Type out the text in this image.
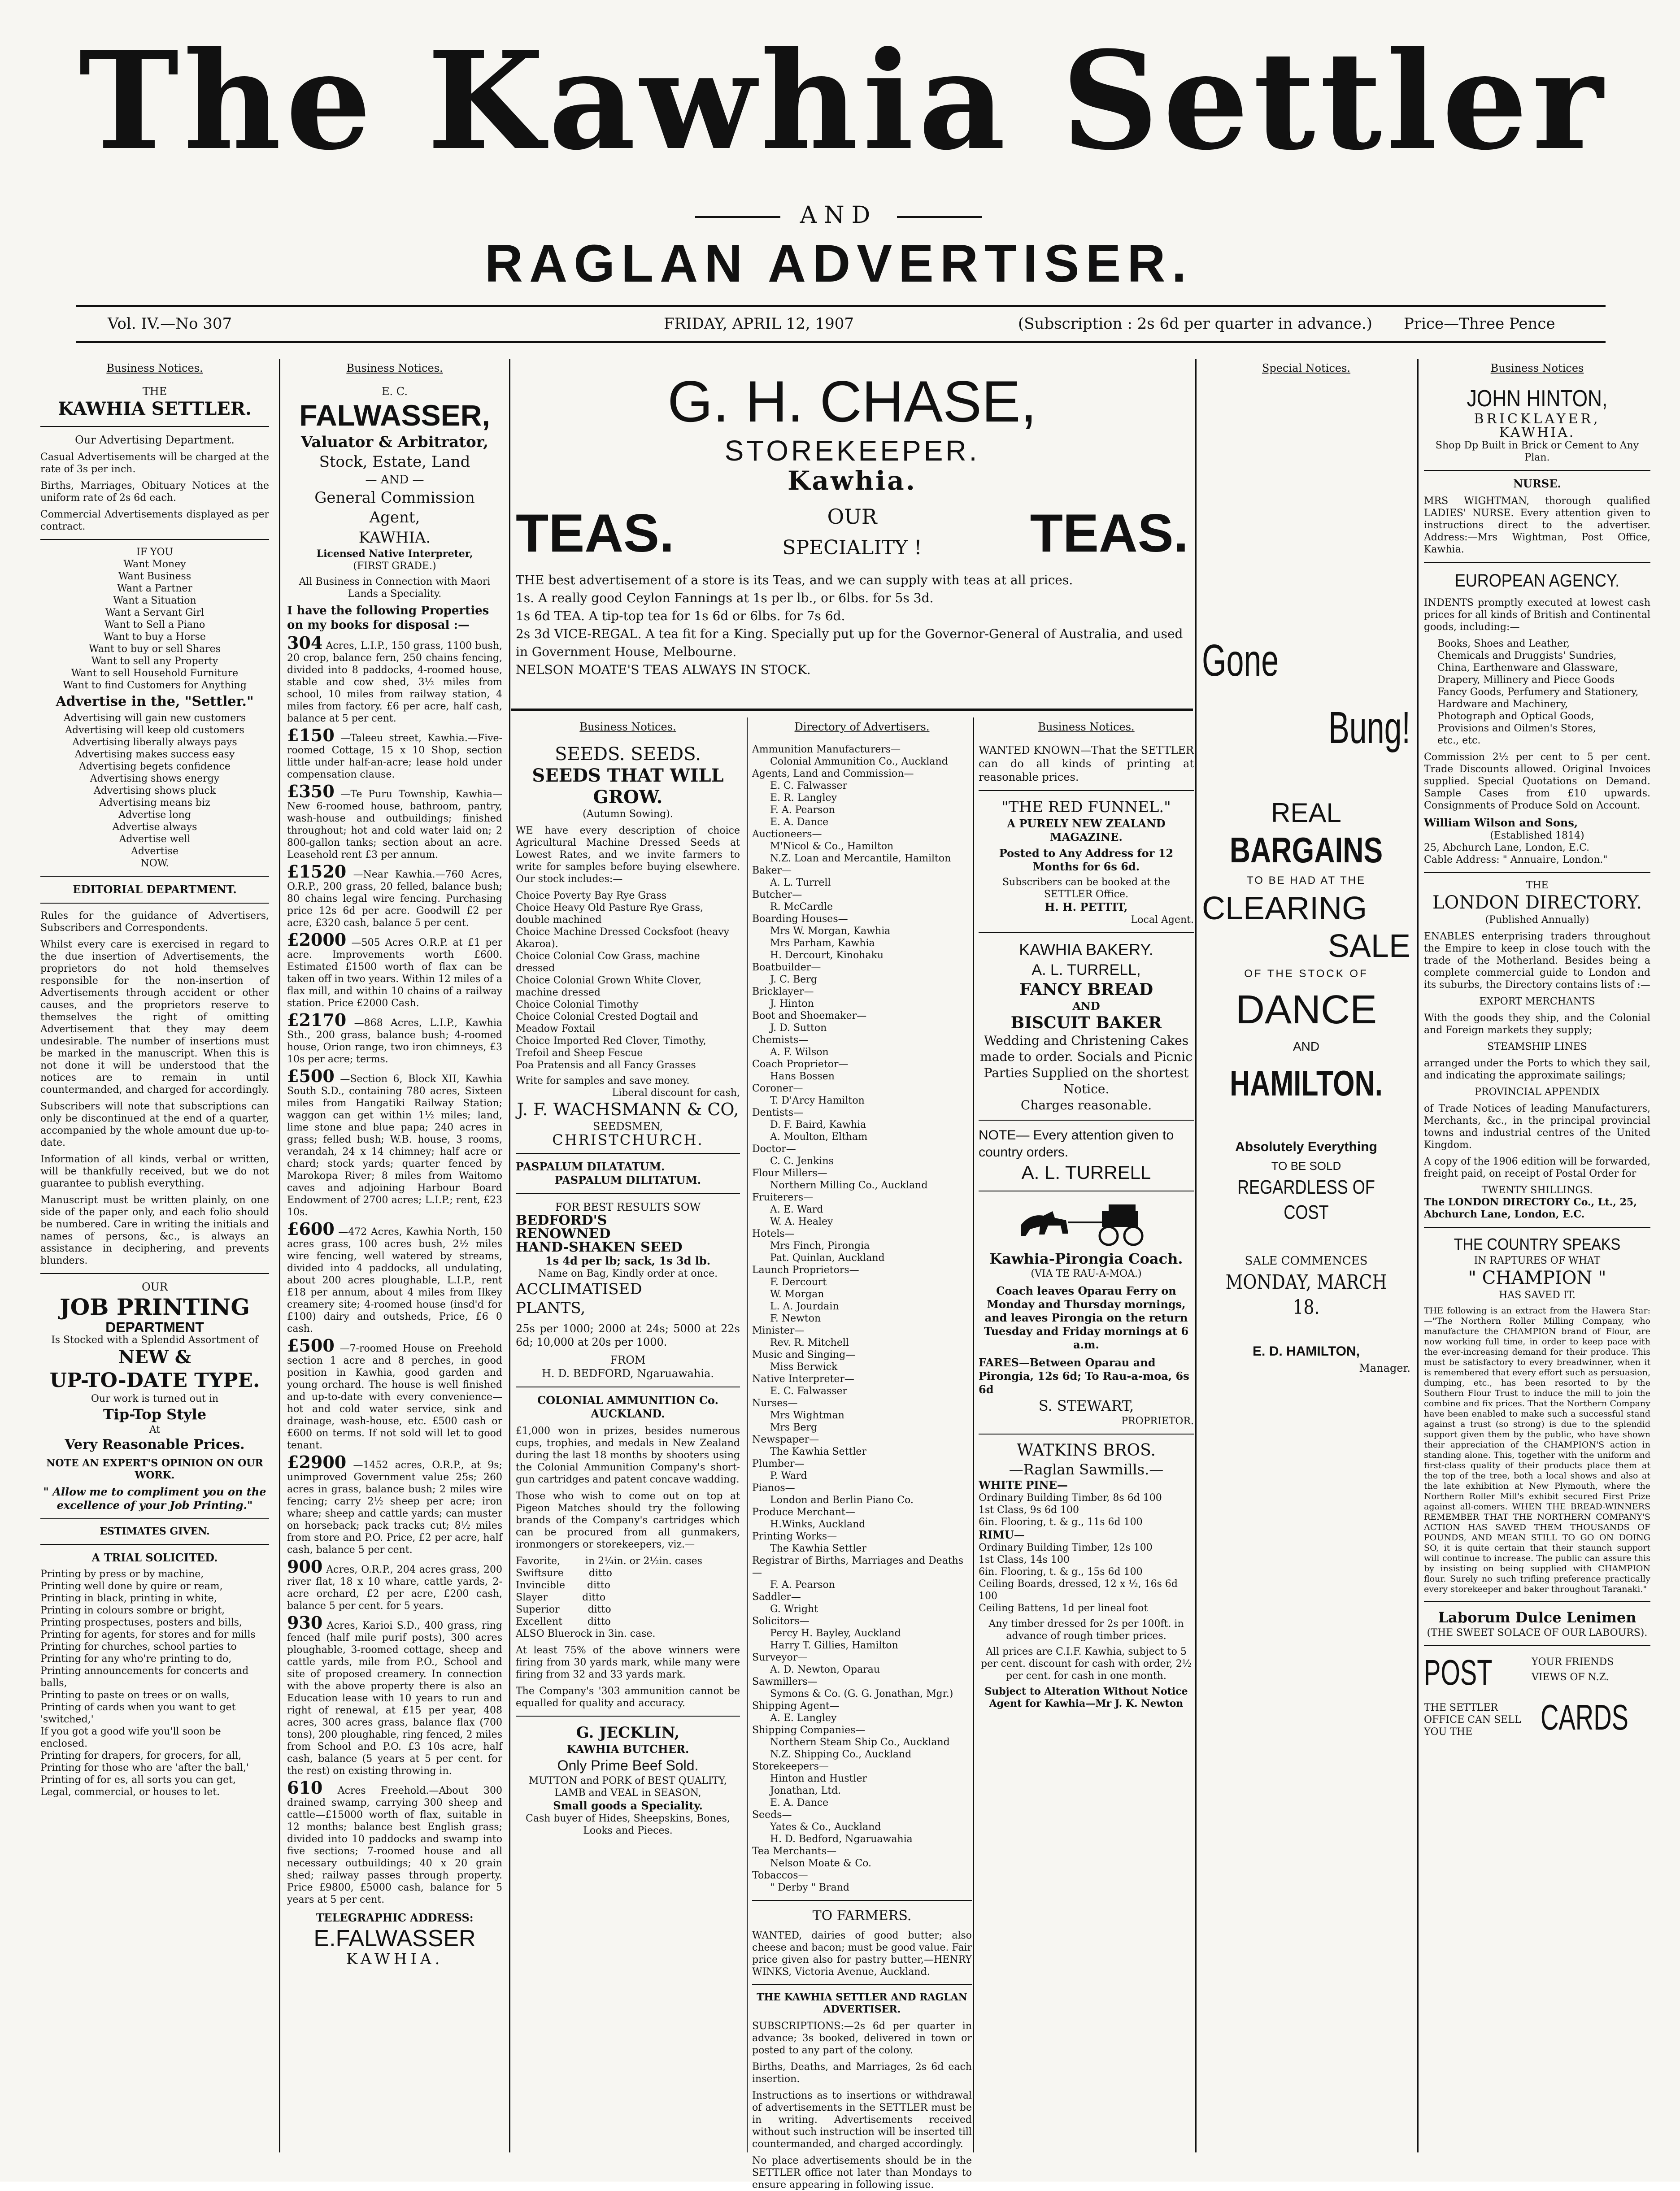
The Kawhia Settler
AND
RAGLAN ADVERTISER.
Vol. IV.—No 307	FRIDAY, APRIL 12, 1907	(Subscription : 2s 6d per quarter in advance.) Price—Three Pence
Business Notices.
THE
KAWHIA SETTLER.
Our Advertising Department.
Casual Advertisements will be charged at the rate of 3s per inch.
Births, Marriages, Obituary Notices at the uniform rate of 2s 6d each.
Commercial Advertisements displayed as per contract.

IF YOU

Want Money

Want Business

Want a Partner

Want a Situation

Want a Servant Girl

Want to Sell a Piano

Want to buy a Horse

Want to buy or sell Shares

Want to sell any Property

Want to sell Household Furniture

Want to find Customers for Anything

Advertise in the, "Settler."

Advertising will gain new customers

Advertising will keep old customers

Advertising liberally always pays

Advertising makes success easy

Advertising begets confidence

Advertising shows energy

Advertising shows pluck

Advertising means biz

Advertise long

Advertise always

Advertise well

Advertise

NOW.

EDITORIAL DEPARTMENT.
Rules for the guidance of Advertisers, Subscribers and Correspondents.
Whilst every care is exercised in regard to the due insertion of Advertisements, the proprietors do not hold themselves responsible for the non-insertion of Advertisements through accident or other causes, and the proprietors reserve to themselves the right of omitting Advertisement that they may deem undesirable. The number of insertions must be marked in the manuscript. When this is not done it will be understood that the notices are to remain in until countermanded, and charged for accordingly.
Subscribers will note that subscriptions can only be discontinued at the end of a quarter, accompanied by the whole amount due up-to-date.
Information of all kinds, verbal or written, will be thankfully received, but we do not guarantee to publish everything.
Manuscript must be written plainly, on one side of the paper only, and each folio should be numbered. Care in writing the initials and names of persons, &c., is always an assistance in deciphering, and prevents blunders.
OUR
JOB PRINTING
DEPARTMENT
Is Stocked with a Splendid Assortment of
NEW &
UP-TO-DATE TYPE.
Our work is turned out in
Tip-Top Style
At
Very Reasonable Prices.
NOTE AN EXPERT'S OPINION ON OUR WORK.
" Allow me to compliment you on the excellence of your Job Printing."
ESTIMATES GIVEN.
A TRIAL SOLICITED.

Printing by press or by machine,

Printing well done by quire or ream,

Printing in black, printing in white,

Printing in colours sombre or bright,

Printing prospectuses, posters and bills,

Printing for agents, for stores and for mills

Printing for churches, school parties to

Printing for any who're printing to do,

Printing announcements for concerts and balls,

Printing to paste on trees or on walls,

Printing of cards when you want to get 'switched,'

If you got a good wife you'll soon be enclosed.

Printing for drapers, for grocers, for all,

Printing for those who are 'after the ball,'

Printing of for es, all sorts you can get,

Legal, commercial, or houses to let.

Business Notices.
E. C.
FALWASSER,
Valuator & Arbitrator,
Stock, Estate, Land
— AND —
General Commission
Agent,
KAWHIA.
Licensed Native Interpreter,
(FIRST GRADE.)
All Business in Connection with Maori Lands a Speciality.
I have the following Properties on my books for disposal :—
304 Acres, L.I.P., 150 grass, 1100 bush, 20 crop, balance fern, 250 chains fencing, divided into 8 paddocks, 4-roomed house, stable and cow shed, 3½ miles from school, 10 miles from railway station, 4 miles from factory. £6 per acre, half cash, balance at 5 per cent.
£150 —Taleeu street, Kawhia.—Five-roomed Cottage, 15 x 10 Shop, section little under half-an-acre; lease hold under compensation clause.
£350 —Te Puru Township, Kawhia—New 6-roomed house, bathroom, pantry, wash-house and outbuildings; finished throughout; hot and cold water laid on; 2 800-gallon tanks; section about an acre. Leasehold rent £3 per annum.
£1520 —Near Kawhia.—760 Acres, O.R.P., 200 grass, 20 felled, balance bush; 80 chains legal wire fencing. Purchasing price 12s 6d per acre. Goodwill £2 per acre, £320 cash, balance 5 per cent.
£2000 —505 Acres O.R.P. at £1 per acre. Improvements worth £600. Estimated £1500 worth of flax can be taken off in two years. Within 12 miles of a flax mill, and within 10 chains of a railway station. Price £2000 Cash.
£2170 —868 Acres, L.I.P., Kawhia Sth., 200 grass, balance bush; 4-roomed house, Orion range, two iron chimneys, £3 10s per acre; terms.
£500 —Section 6, Block XII, Kawhia South S.D., containing 780 acres, Sixteen miles from Hangatiki Railway Station; waggon can get within 1½ miles; land, lime stone and blue papa; 240 acres in grass; felled bush; W.B. house, 3 rooms, verandah, 24 x 14 chimney; half acre or chard; stock yards; quarter fenced by Marokopa River; 8 miles from Waitomo caves and adjoining Harbour Board Endowment of 2700 acres; L.I.P.; rent, £23 10s.
£600 —472 Acres, Kawhia North, 150 acres grass, 100 acres bush, 2½ miles wire fencing, well watered by streams, divided into 4 paddocks, all undulating, about 200 acres ploughable, L.I.P., rent £18 per annum, about 4 miles from Ilkey creamery site; 4-roomed house (insd'd for £100) dairy and outsheds, Price, £6 0 cash.
£500 —7-roomed House on Freehold section 1 acre and 8 perches, in good position in Kawhia, good garden and young orchard. The house is well finished and up-to-date with every convenience—hot and cold water service, sink and drainage, wash-house, etc. £500 cash or £600 on terms. If not sold will let to good tenant.
£2900 —1452 acres, O.R.P., at 9s; unimproved Government value 25s; 260 acres in grass, balance bush; 2 miles wire fencing; carry 2½ sheep per acre; iron whare; sheep and cattle yards; can muster on horseback; pack tracks cut; 8½ miles from store and P.O. Price, £2 per acre, half cash, balance 5 per cent.
900 Acres, O.R.P., 204 acres grass, 200 river flat, 18 x 10 whare, cattle yards, 2-acre orchard, £2 per acre, £200 cash, balance 5 per cent. for 5 years.
930 Acres, Karioi S.D., 400 grass, ring fenced (half mile purif posts), 300 acres ploughable, 3-roomed cottage, sheep and cattle yards, mile from P.O., School and site of proposed creamery. In connection with the above property there is also an Education lease with 10 years to run and right of renewal, at £15 per year, 408 acres, 300 acres grass, balance flax (700 tons), 200 ploughable, ring fenced, 2 miles from School and P.O. £3 10s acre, half cash, balance (5 years at 5 per cent. for the rest) on existing throwing in.
610 Acres Freehold.—About 300 drained swamp, carrying 300 sheep and cattle—£15000 worth of flax, suitable in 12 months; balance best English grass; divided into 10 paddocks and swamp into five sections; 7-roomed house and all necessary outbuildings; 40 x 20 grain shed; railway passes through property. Price £9800, £5000 cash, balance for 5 years at 5 per cent.
TELEGRAPHIC ADDRESS:
E.FALWASSER
KAWHIA.
G. H. CHASE,
STOREKEEPER.
Kawhia.
TEAS.	OUR
SPECIALITY !	TEAS.

THE best advertisement of a store is its Teas, and we can supply with teas at all prices.

1s. A really good Ceylon Fannings at 1s per lb., or 6lbs. for 5s 3d.

1s 6d TEA. A tip-top tea for 1s 6d or 6lbs. for 7s 6d.

2s 3d VICE-REGAL. A tea fit for a King. Specially put up for the Governor-General of Australia, and used in Government House, Melbourne.

NELSON MOATE'S TEAS ALWAYS IN STOCK.

Business Notices.
SEEDS. SEEDS.
SEEDS THAT WILL GROW.
(Autumn Sowing).
WE have every description of choice Agricultural Machine Dressed Seeds at Lowest Rates, and we invite farmers to write for samples before buying elsewhere. Our stock includes:—

Choice Poverty Bay Rye Grass

Choice Heavy Old Pasture Rye Grass, double machined

Choice Machine Dressed Cocksfoot (heavy Akaroa).

Choice Colonial Cow Grass, machine dressed

Choice Colonial Grown White Clover, machine dressed

Choice Colonial Timothy

Choice Colonial Crested Dogtail and Meadow Foxtail

Choice Imported Red Clover, Timothy, Trefoil and Sheep Fescue

Poa Pratensis and all Fancy Grasses

Write for samples and save money.
Liberal discount for cash,
J. F. WACHSMANN & CO,
SEEDSMEN,
CHRISTCHURCH.
PASPALUM DILATATUM.
PASPALUM DILITATUM.
FOR BEST RESULTS SOW
BEDFORD'S
RENOWNED
HAND-SHAKEN SEED
1s 4d per lb; sack, 1s 3d lb.
Name on Bag, Kindly order at once.
ACCLIMATISED
PLANTS,
25s per 1000; 2000 at 24s; 5000 at 22s 6d; 10,000 at 20s per 1000.
FROM
H. D. BEDFORD, Ngaruawahia.
COLONIAL AMMUNITION Co. AUCKLAND.
£1,000 won in prizes, besides numerous cups, trophies, and medals in New Zealand during the last 18 months by shooters using the Colonial Ammunition Company's short-gun cartridges and patent concave wadding.
Those who wish to come out on top at Pigeon Matches should try the following brands of the Company's cartridges which can be procured from all gunmakers, ironmongers or storekeepers, viz.—

Favorite,        in 2¼in. or 2½in. cases

Swiftsure        ditto

Invincible       ditto

Slayer           ditto

Superior         ditto

Excellent        ditto

ALSO Bluerock in 3in. case.
At least 75% of the above winners were firing from 30 yards mark, while many were firing from 32 and 33 yards mark.
The Company's '303 ammunition cannot be equalled for quality and accuracy.
G. JECKLIN,
KAWHIA BUTCHER.
Only Prime Beef Sold.
MUTTON and PORK of BEST QUALITY,
LAMB and VEAL in SEASON,
Small goods a Speciality.
Cash buyer of Hides, Sheepskins, Bones, Looks and Pieces.
Directory of Advertisers.

Ammunition Manufacturers—

Colonial Ammunition Co., Auckland

Agents, Land and Commission—

E. C. Falwasser

E. R. Langley

F. A. Pearson

E. A. Dance

Auctioneers—

M'Nicol & Co., Hamilton

N.Z. Loan and Mercantile, Hamilton

Baker—

A. L. Turrell

Butcher—

R. McCardle

Boarding Houses—

Mrs W. Morgan, Kawhia

Mrs Parham, Kawhia

H. Dercourt, Kinohaku

Boatbuilder—

J. C. Berg

Bricklayer—

J. Hinton

Boot and Shoemaker—

J. D. Sutton

Chemists—

A. F. Wilson

Coach Proprietor—

Hans Bossen

Coroner—

T. D'Arcy Hamilton

Dentists—

D. F. Baird, Kawhia

A. Moulton, Eltham

Doctor—

C. C. Jenkins

Flour Millers—

Northern Milling Co., Auckland

Fruiterers—

A. E. Ward

W. A. Healey

Hotels—

Mrs Finch, Pirongia

Pat. Quinlan, Auckland

Launch Proprietors—

F. Dercourt

W. Morgan

L. A. Jourdain

F. Newton

Minister—

Rev. R. Mitchell

Music and Singing—

Miss Berwick

Native Interpreter—

E. C. Falwasser

Nurses—

Mrs Wightman

Mrs Berg

Newspaper—

The Kawhia Settler

Plumber—

P. Ward

Pianos—

London and Berlin Piano Co.

Produce Merchant—

H.Winks, Auckland

Printing Works—

The Kawhia Settler

Registrar of Births, Marriages and Deaths—

F. A. Pearson

Saddler—

G. Wright

Solicitors—

Percy H. Bayley, Auckland

Harry T. Gillies, Hamilton

Surveyor—

A. D. Newton, Oparau

Sawmillers—

Symons & Co. (G. G. Jonathan, Mgr.)

Shipping Agent—

A. E. Langley

Shipping Companies—

Northern Steam Ship Co., Auckland

N.Z. Shipping Co., Auckland

Storekeepers—

Hinton and Hustler

Jonathan, Ltd.

E. A. Dance

Seeds—

Yates & Co., Auckland

H. D. Bedford, Ngaruawahia

Tea Merchants—

Nelson Moate & Co.

Tobaccos—

" Derby " Brand

TO FARMERS.
WANTED, dairies of good butter; also cheese and bacon; must be good value. Fair price given also for pastry butter,—HENRY WINKS, Victoria Avenue, Auckland.
THE KAWHIA SETTLER AND RAGLAN ADVERTISER.
SUBSCRIPTIONS:—2s 6d per quarter in advance; 3s booked, delivered in town or posted to any part of the colony.
Births, Deaths, and Marriages, 2s 6d each insertion.
Instructions as to insertions or withdrawal of advertisements in the SETTLER must be in writing. Advertisements received without such instruction will be inserted till countermanded, and charged accordingly.
No place advertisements should be in the SETTLER office not later than Mondays to ensure appearing in following issue.
Business Notices.
WANTED KNOWN—That the SETTLER can do all kinds of printing at reasonable prices.
"THE RED FUNNEL."
A PURELY NEW ZEALAND MAGAZINE.
Posted to Any Address for 12 Months for 6s 6d.
Subscribers can be booked at the SETTLER Office.
H. H. PETTIT,
Local Agent.
KAWHIA BAKERY.
A. L. TURRELL,
FANCY BREAD
AND
BISCUIT BAKER
Wedding and Christening Cakes made to order. Socials and Picnic Parties Supplied on the shortest Notice.
Charges reasonable.
NOTE— Every attention given to country orders.
A. L. TURRELL
Kawhia-Pirongia Coach.
(VIA TE RAU-A-MOA.)
Coach leaves Oparau Ferry on Monday and Thursday mornings, and leaves Pirongia on the return Tuesday and Friday mornings at 6 a.m.
FARES—Between Oparau and Pirongia, 12s 6d; To Rau-a-moa, 6s 6d
S. STEWART,
PROPRIETOR.
WATKINS BROS.
—Raglan Sawmills.—
WHITE PINE—

Ordinary Building Timber, 8s 6d 100

1st Class, 9s 6d 100

6in. Flooring, t. & g., 11s 6d 100

RIMU—

Ordinary Building Timber, 12s 100

1st Class, 14s 100

6in. Flooring, t. & g., 15s 6d 100

Ceiling Boards, dressed, 12 x ½, 16s 6d 100

Ceiling Battens, 1d per lineal foot

Any timber dressed for 2s per 100ft. in advance of rough timber prices.
All prices are C.I.F. Kawhia, subject to 5 per cent. discount for cash with order, 2½ per cent. for cash in one month.
Subject to Alteration Without Notice
Agent for Kawhia—Mr J. K. Newton
Special Notices.
Gone
Bung!
REAL
BARGAINS
TO BE HAD AT THE
CLEARING
SALE
OF THE STOCK OF
DANCE
AND
HAMILTON.
Absolutely Everything
TO BE SOLD
REGARDLESS OF COST
SALE COMMENCES
MONDAY, MARCH 18.
E. D. HAMILTON,
Manager.
Business Notices
JOHN HINTON,
BRICKLAYER,
KAWHIA.
Shop Dp Built in Brick or Cement to Any Plan.
NURSE.
MRS WIGHTMAN, thorough qualified LADIES' NURSE. Every attention given to instructions direct to the advertiser. Address:—Mrs Wightman, Post Office, Kawhia.
EUROPEAN AGENCY.
INDENTS promptly executed at lowest cash prices for all kinds of British and Continental goods, including:—

Books, Shoes and Leather,

Chemicals and Druggists' Sundries,

China, Earthenware and Glassware,

Drapery, Millinery and Piece Goods

Fancy Goods, Perfumery and Stationery,

Hardware and Machinery,

Photograph and Optical Goods,

Provisions and Oilmen's Stores,

etc., etc.

Commission 2½ per cent to 5 per cent. Trade Discounts allowed. Original Invoices supplied. Special Quotations on Demand. Sample Cases from £10 upwards. Consignments of Produce Sold on Account.
William Wilson and Sons,
(Established 1814)
25, Abchurch Lane, London, E.C.
Cable Address: " Annuaire, London."
THE
LONDON DIRECTORY.
(Published Annually)
ENABLES enterprising traders throughout the Empire to keep in close touch with the trade of the Motherland. Besides being a complete commercial guide to London and its suburbs, the Directory contains lists of :—
EXPORT MERCHANTS
With the goods they ship, and the Colonial and Foreign markets they supply;
STEAMSHIP LINES
arranged under the Ports to which they sail, and indicating the approximate sailings;
PROVINCIAL APPENDIX
of Trade Notices of leading Manufacturers, Merchants, &c., in the principal provincial towns and industrial centres of the United Kingdom.
A copy of the 1906 edition will be forwarded, freight paid, on receipt of Postal Order for
TWENTY SHILLINGS.
The LONDON DIRECTORY Co., Lt., 25, Abchurch Lane, London, E.C.
THE COUNTRY SPEAKS
IN RAPTURES OF WHAT
" CHAMPION "
HAS SAVED IT.
THE following is an extract from the Hawera Star:—"The Northern Roller Milling Company, who manufacture the CHAMPION brand of Flour, are now working full time, in order to keep pace with the ever-increasing demand for their produce. This must be satisfactory to every breadwinner, when it is remembered that every effort such as persuasion, dumping, etc., has been resorted to by the Southern Flour Trust to induce the mill to join the combine and fix prices. That the Northern Company have been enabled to make such a successful stand against a trust (so strong) is due to the splendid support given them by the public, who have shown their appreciation of the CHAMPION'S action in standing alone. This, together with the uniform and first-class quality of their products place them at the top of the tree, both a local shows and also at the late exhibition at New Plymouth, where the Northern Roller Mill's exhibit secured First Prize against all-comers. WHEN THE BREAD-WINNERS REMEMBER THAT THE NORTHERN COMPANY'S ACTION HAS SAVED THEM THOUSANDS OF POUNDS, AND MEAN STILL TO GO ON DOING SO, it is quite certain that their staunch support will continue to increase. The public can assure this by insisting on being supplied with CHAMPION flour. Surely no such trifling preference practically every storekeeper and baker throughout Taranaki."
Laborum Dulce Lenimen
(THE SWEET SOLACE OF OUR LABOURS).
POST	YOUR FRIENDS
VIEWS OF N.Z.
THE SETTLER OFFICE CAN SELL YOU THE	CARDS
